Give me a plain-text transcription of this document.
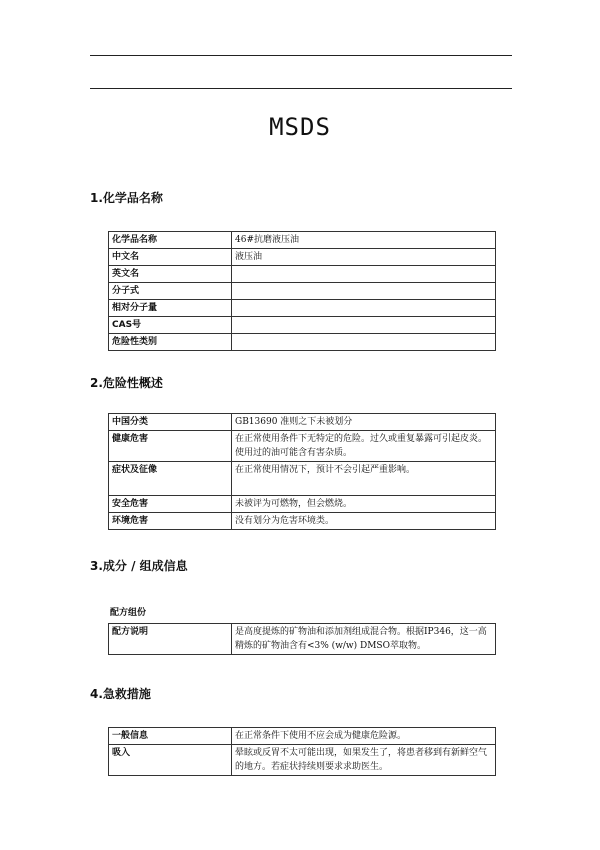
MSDS
1.化学品名称
化学品名称	46#抗磨液压油
中文名	液压油
英文名	
分子式	
相对分子量	
CAS号	
危险性类别	
2.危险性概述
中国分类	GB13690 准则之下未被划分
健康危害	在正常使用条件下无特定的危险。过久或重复暴露可引起皮炎。使用过的油可能含有害杂质。
症状及征像	在正常使用情况下，预计不会引起严重影响。
安全危害	未被评为可燃物，但会燃烧。
环境危害	没有划分为危害环境类。
3.成分 / 组成信息
配方组份
配方说明	是高度提炼的矿物油和添加剂组成混合物。根据IP346，这一高精炼的矿物油含有<3% (w/w) DMSO萃取物。
4.急救措施
一般信息	在正常条件下使用不应会成为健康危险源。
吸入	晕眩或反胃不太可能出现，如果发生了，将患者移到有新鲜空气的地方。若症状持续则要求求助医生。
